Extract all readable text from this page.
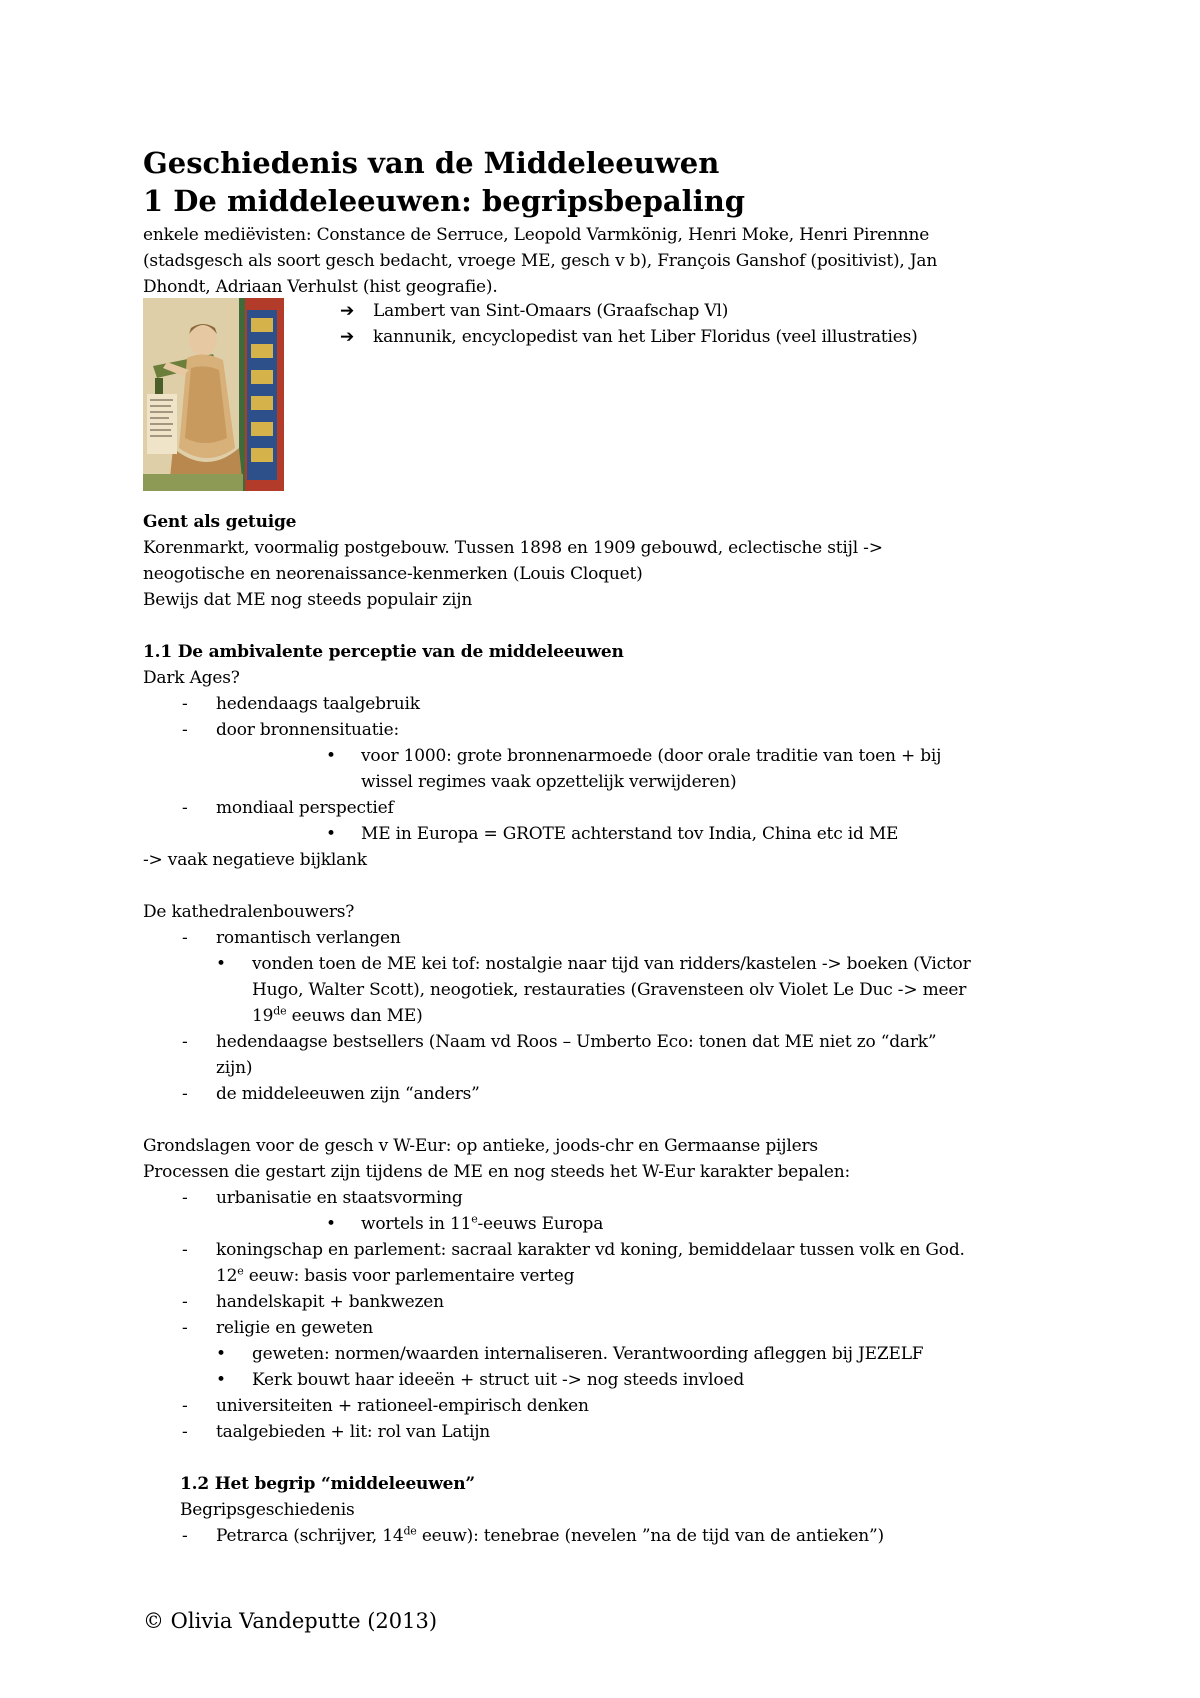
Geschiedenis van de Middeleeuwen
1 De middeleeuwen: begripsbepaling
enkele mediëvisten: Constance de Serruce, Leopold Varmkönig, Henri Moke, Henri Pirennne
(stadsgesch als soort gesch bedacht, vroege ME, gesch v b), François Ganshof (positivist), Jan
Dhondt, Adriaan Verhulst (hist geografie).
➔ Lambert van Sint-Omaars (Graafschap Vl)
➔ kannunik, encyclopedist van het Liber Floridus (veel illustraties)
Gent als getuige
Korenmarkt, voormalig postgebouw. Tussen 1898 en 1909 gebouwd, eclectische stijl ->
neogotische en neorenaissance-kenmerken (Louis Cloquet)
Bewijs dat ME nog steeds populair zijn
1.1 De ambivalente perceptie van de middeleeuwen
Dark Ages?
- hedendaags taalgebruik
- door bronnensituatie:
• voor 1000: grote bronnenarmoede (door orale traditie van toen + bij
wissel regimes vaak opzettelijk verwijderen)
- mondiaal perspectief
• ME in Europa = GROTE achterstand tov India, China etc id ME
-> vaak negatieve bijklank
De kathedralenbouwers?
- romantisch verlangen
• vonden toen de ME kei tof: nostalgie naar tijd van ridders/kastelen -> boeken (Victor
Hugo, Walter Scott), neogotiek, restauraties (Gravensteen olv Violet Le Duc -> meer
19de eeuws dan ME)
- hedendaagse bestsellers (Naam vd Roos – Umberto Eco: tonen dat ME niet zo “dark”
zijn)
- de middeleeuwen zijn “anders”
Grondslagen voor de gesch v W-Eur: op antieke, joods-chr en Germaanse pijlers
Processen die gestart zijn tijdens de ME en nog steeds het W-Eur karakter bepalen:
- urbanisatie en staatsvorming
• wortels in 11e-eeuws Europa
- koningschap en parlement: sacraal karakter vd koning, bemiddelaar tussen volk en God.
12e eeuw: basis voor parlementaire verteg
- handelskapit + bankwezen
- religie en geweten
• geweten: normen/waarden internaliseren. Verantwoording afleggen bij JEZELF
• Kerk bouwt haar ideeën + struct uit -> nog steeds invloed
- universiteiten + rationeel-empirisch denken
- taalgebieden + lit: rol van Latijn
1.2 Het begrip “middeleeuwen”
Begripsgeschiedenis
- Petrarca (schrijver, 14de eeuw): tenebrae (nevelen ”na de tijd van de antieken”)
© Olivia Vandeputte (2013)
